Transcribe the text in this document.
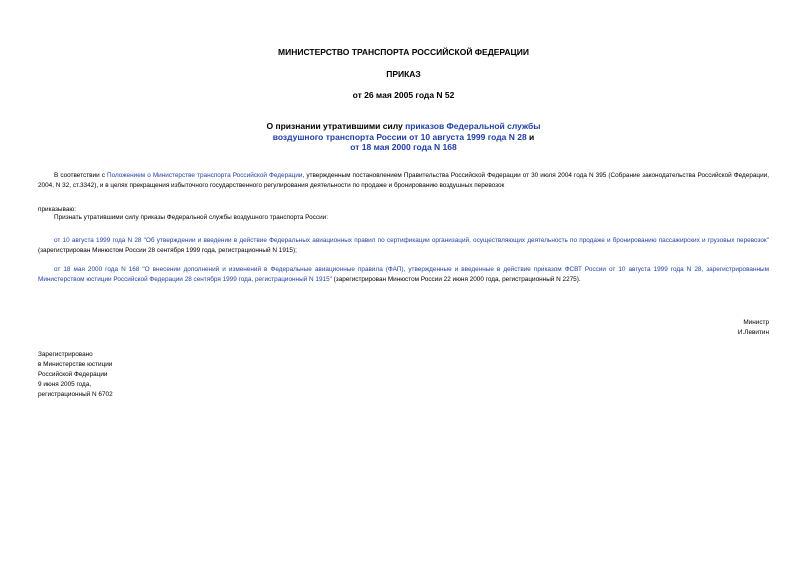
МИНИСТЕРСТВО ТРАНСПОРТА РОССИЙСКОЙ ФЕДЕРАЦИИ
ПРИКАЗ
от 26 мая 2005 года N 52
О признании утратившими силу приказов Федеральной службы
воздушного транспорта России от 10 августа 1999 года N 28 и
от 18 мая 2000 года N 168
В соответствии с Положением о Министерстве транспорта Российской Федерации, утвержденным постановлением Правительства Российской Федерации от 30 июля 2004 года N 395 (Собрание законодательства Российской Федерации, 2004, N 32, ст.3342), и в целях прекращения избыточного государственного регулирования деятельности по продаже и бронированию воздушных перевозок
приказываю:
Признать утратившими силу приказы Федеральной службы воздушного транспорта России:
от 10 августа 1999 года N 28 "Об утверждении и введении в действие Федеральных авиационных правил по сертификации организаций, осуществляющих деятельность по продаже и бронированию пассажирских и грузовых перевозок" (зарегистрирован Минюстом России 28 сентября 1999 года, регистрационный N 1915);
от 18 мая 2000 года N 168 "О внесении дополнений и изменений в Федеральные авиационные правила (ФАП), утвержденные и введенные в действие приказом ФСВТ России от 10 августа 1999 года N 28, зарегистрированным Министерством юстиции Российской Федерации 28 сентября 1999 года, регистрационный N 1915" (зарегистрирован Минюстом России 22 июня 2000 года, регистрационный N 2275).
Министр
И.Левитин
Зарегистрировано
в Министерстве юстиции
Российской Федерации
9 июня 2005 года,
регистрационный N 6702
